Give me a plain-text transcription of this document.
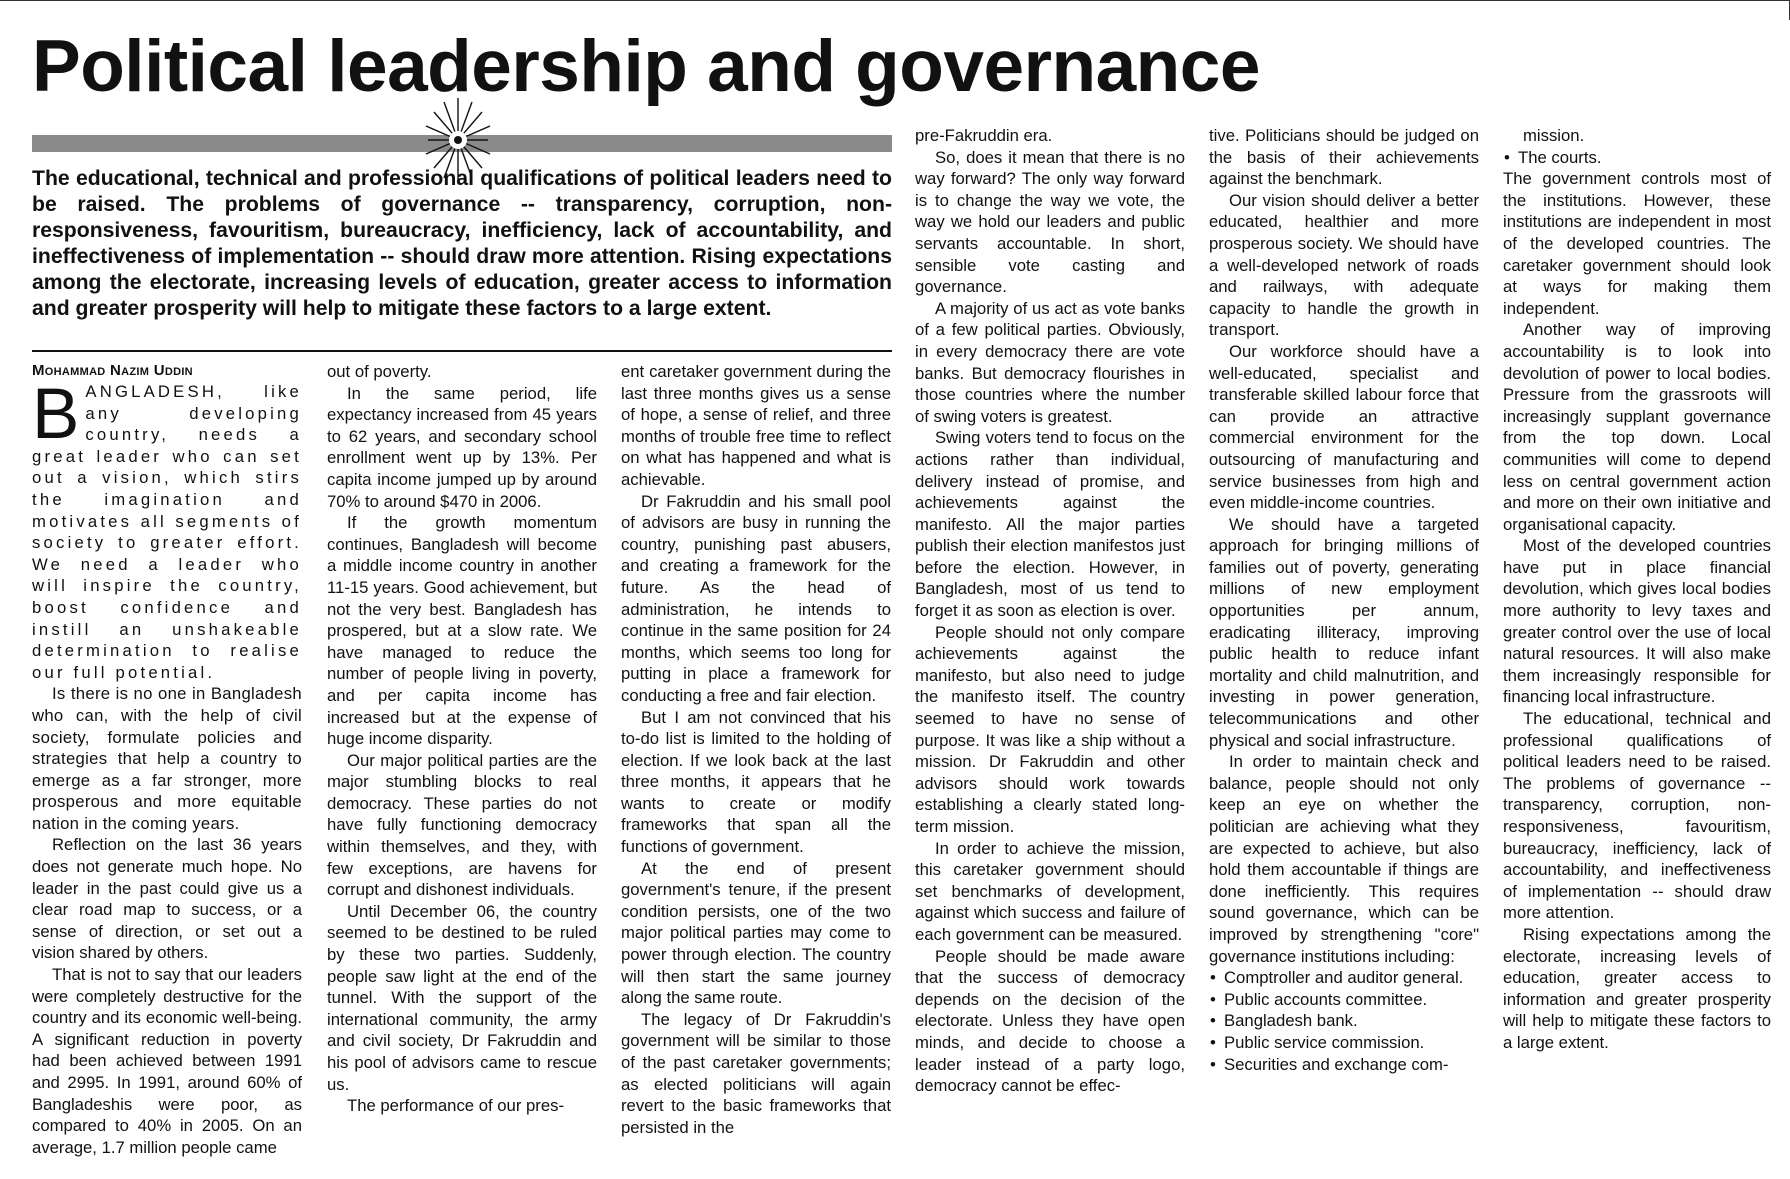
Political leadership and governance

The educational, technical and professional qualifications of political leaders need to be raised. The problems of governance -- transparency, corruption, non-responsiveness, favouritism, bureaucracy, inefficiency, lack of accountability, and ineffectiveness of implementation -- should draw more attention. Rising expectations among the electorate, increasing levels of education, greater access to information and greater prosperity will help to mitigate these factors to a large extent.

Mohammad Nazim Uddin

BANGLADESH, like any developing country, needs a great leader who can set out a vision, which stirs the imagination and motivates all segments of society to greater effort. We need a leader who will inspire the country, boost confidence and instill an unshakeable determination to realise our full potential.

Is there is no one in Bangladesh who can, with the help of civil society, formulate policies and strategies that help a country to emerge as a far stronger, more prosperous and more equitable nation in the coming years.

Reflection on the last 36 years does not generate much hope. No leader in the past could give us a clear road map to success, or a sense of direction, or set out a vision shared by others.

That is not to say that our leaders were completely destructive for the country and its economic well-being. A significant reduction in poverty had been achieved between 1991 and 2995. In 1991, around 60% of Bangladeshis were poor, as compared to 40% in 2005. On an average, 1.7 million people came

out of poverty.

In the same period, life expectancy increased from 45 years to 62 years, and secondary school enrollment went up by 13%. Per capita income jumped up by around 70% to around $470 in 2006.

If the growth momentum continues, Bangladesh will become a middle income country in another 11-15 years. Good achievement, but not the very best. Bangladesh has prospered, but at a slow rate. We have managed to reduce the number of people living in poverty, and per capita income has increased but at the expense of huge income disparity.

Our major political parties are the major stumbling blocks to real democracy. These parties do not have fully functioning democracy within themselves, and they, with few exceptions, are havens for corrupt and dishonest individuals.

Until December 06, the country seemed to be destined to be ruled by these two parties. Suddenly, people saw light at the end of the tunnel. With the support of the international community, the army and civil society, Dr Fakruddin and his pool of advisors came to rescue us.

The performance of our pres-

ent caretaker government during the last three months gives us a sense of hope, a sense of relief, and three months of trouble free time to reflect on what has happened and what is achievable.

Dr Fakruddin and his small pool of advisors are busy in running the country, punishing past abusers, and creating a framework for the future. As the head of administration, he intends to continue in the same position for 24 months, which seems too long for putting in place a framework for conducting a free and fair election.

But I am not convinced that his to-do list is limited to the holding of election. If we look back at the last three months, it appears that he wants to create or modify frameworks that span all the functions of government.

At the end of present government's tenure, if the present condition persists, one of the two major political parties may come to power through election. The country will then start the same journey along the same route.

The legacy of Dr Fakruddin's government will be similar to those of the past caretaker governments; as elected politicians will again revert to the basic frameworks that persisted in the

pre-Fakruddin era.

So, does it mean that there is no way forward? The only way forward is to change the way we vote, the way we hold our leaders and public servants accountable. In short, sensible vote casting and governance.

A majority of us act as vote banks of a few political parties. Obviously, in every democracy there are vote banks. But democracy flourishes in those countries where the number of swing voters is greatest.

Swing voters tend to focus on the actions rather than individual, delivery instead of promise, and achievements against the manifesto. All the major parties publish their election manifestos just before the election. However, in Bangladesh, most of us tend to forget it as soon as election is over.

People should not only compare achievements against the manifesto, but also need to judge the manifesto itself. The country seemed to have no sense of purpose. It was like a ship without a mission. Dr Fakruddin and other advisors should work towards establishing a clearly stated long-term mission.

In order to achieve the mission, this caretaker government should set benchmarks of development, against which success and failure of each government can be measured.

People should be made aware that the success of democracy depends on the decision of the electorate. Unless they have open minds, and decide to choose a leader instead of a party logo, democracy cannot be effec-

tive. Politicians should be judged on the basis of their achievements against the benchmark.

Our vision should deliver a better educated, healthier and more prosperous society. We should have a well-developed network of roads and railways, with adequate capacity to handle the growth in transport.

Our workforce should have a well-educated, specialist and transferable skilled labour force that can provide an attractive commercial environment for the outsourcing of manufacturing and service businesses from high and even middle-income countries.

We should have a targeted approach for bringing millions of families out of poverty, generating millions of new employment opportunities per annum, eradicating illiteracy, improving public health to reduce infant mortality and child malnutrition, and investing in power generation, telecommunications and other physical and social infrastructure.

In order to maintain check and balance, people should not only keep an eye on whether the politician are achieving what they are expected to achieve, but also hold them accountable if things are done inefficiently. This requires sound governance, which can be improved by strengthening "core" governance institutions including:

• Comptroller and auditor general.

• Public accounts committee.

• Bangladesh bank.

• Public service commission.

• Securities and exchange com-

mission.

• The courts.

The government controls most of the institutions. However, these institutions are independent in most of the developed countries. The caretaker government should look at ways for making them independent.

Another way of improving accountability is to look into devolution of power to local bodies. Pressure from the grassroots will increasingly supplant governance from the top down. Local communities will come to depend less on central government action and more on their own initiative and organisational capacity.

Most of the developed countries have put in place financial devolution, which gives local bodies more authority to levy taxes and greater control over the use of local natural resources. It will also make them increasingly responsible for financing local infrastructure.

The educational, technical and professional qualifications of political leaders need to be raised. The problems of governance -- transparency, corruption, non-responsiveness, favouritism, bureaucracy, inefficiency, lack of accountability, and ineffectiveness of implementation -- should draw more attention.

Rising expectations among the electorate, increasing levels of education, greater access to information and greater prosperity will help to mitigate these factors to a large extent.
